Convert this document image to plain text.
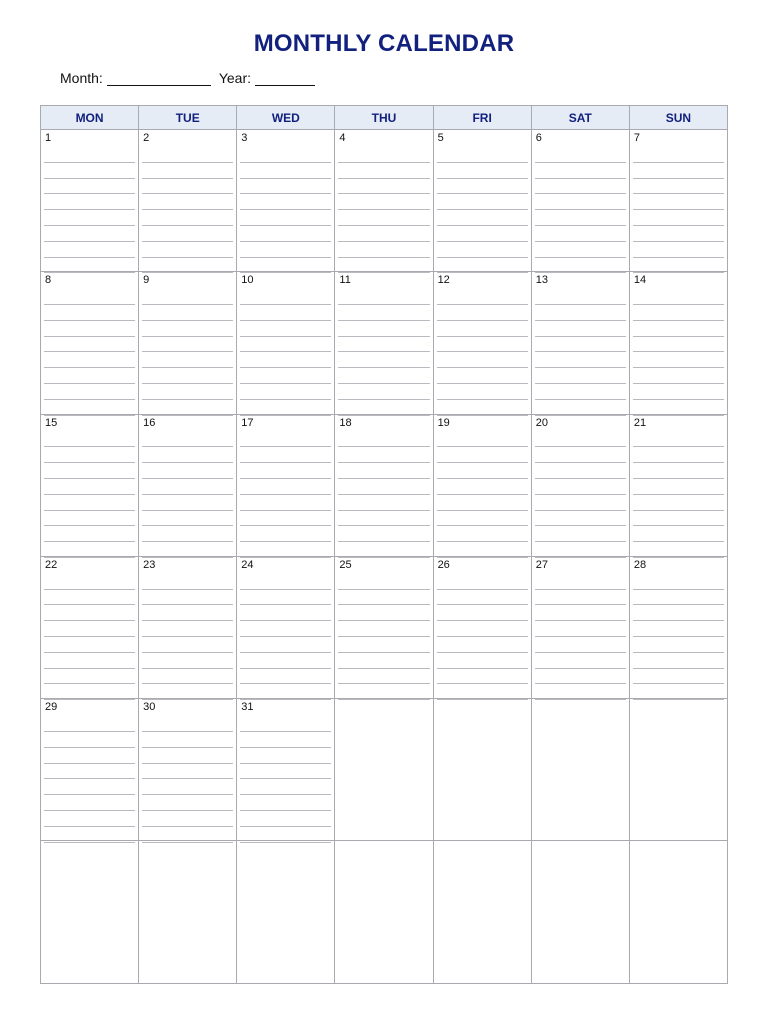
MONTHLY CALENDAR
Month:	Year:
MON	TUE	WED	THU	FRI	SAT	SUN
1	2	3	4	5	6	7
8	9	10	11	12	13	14
15	16	17	18	19	20	21
22	23	24	25	26	27	28
29	30	31
